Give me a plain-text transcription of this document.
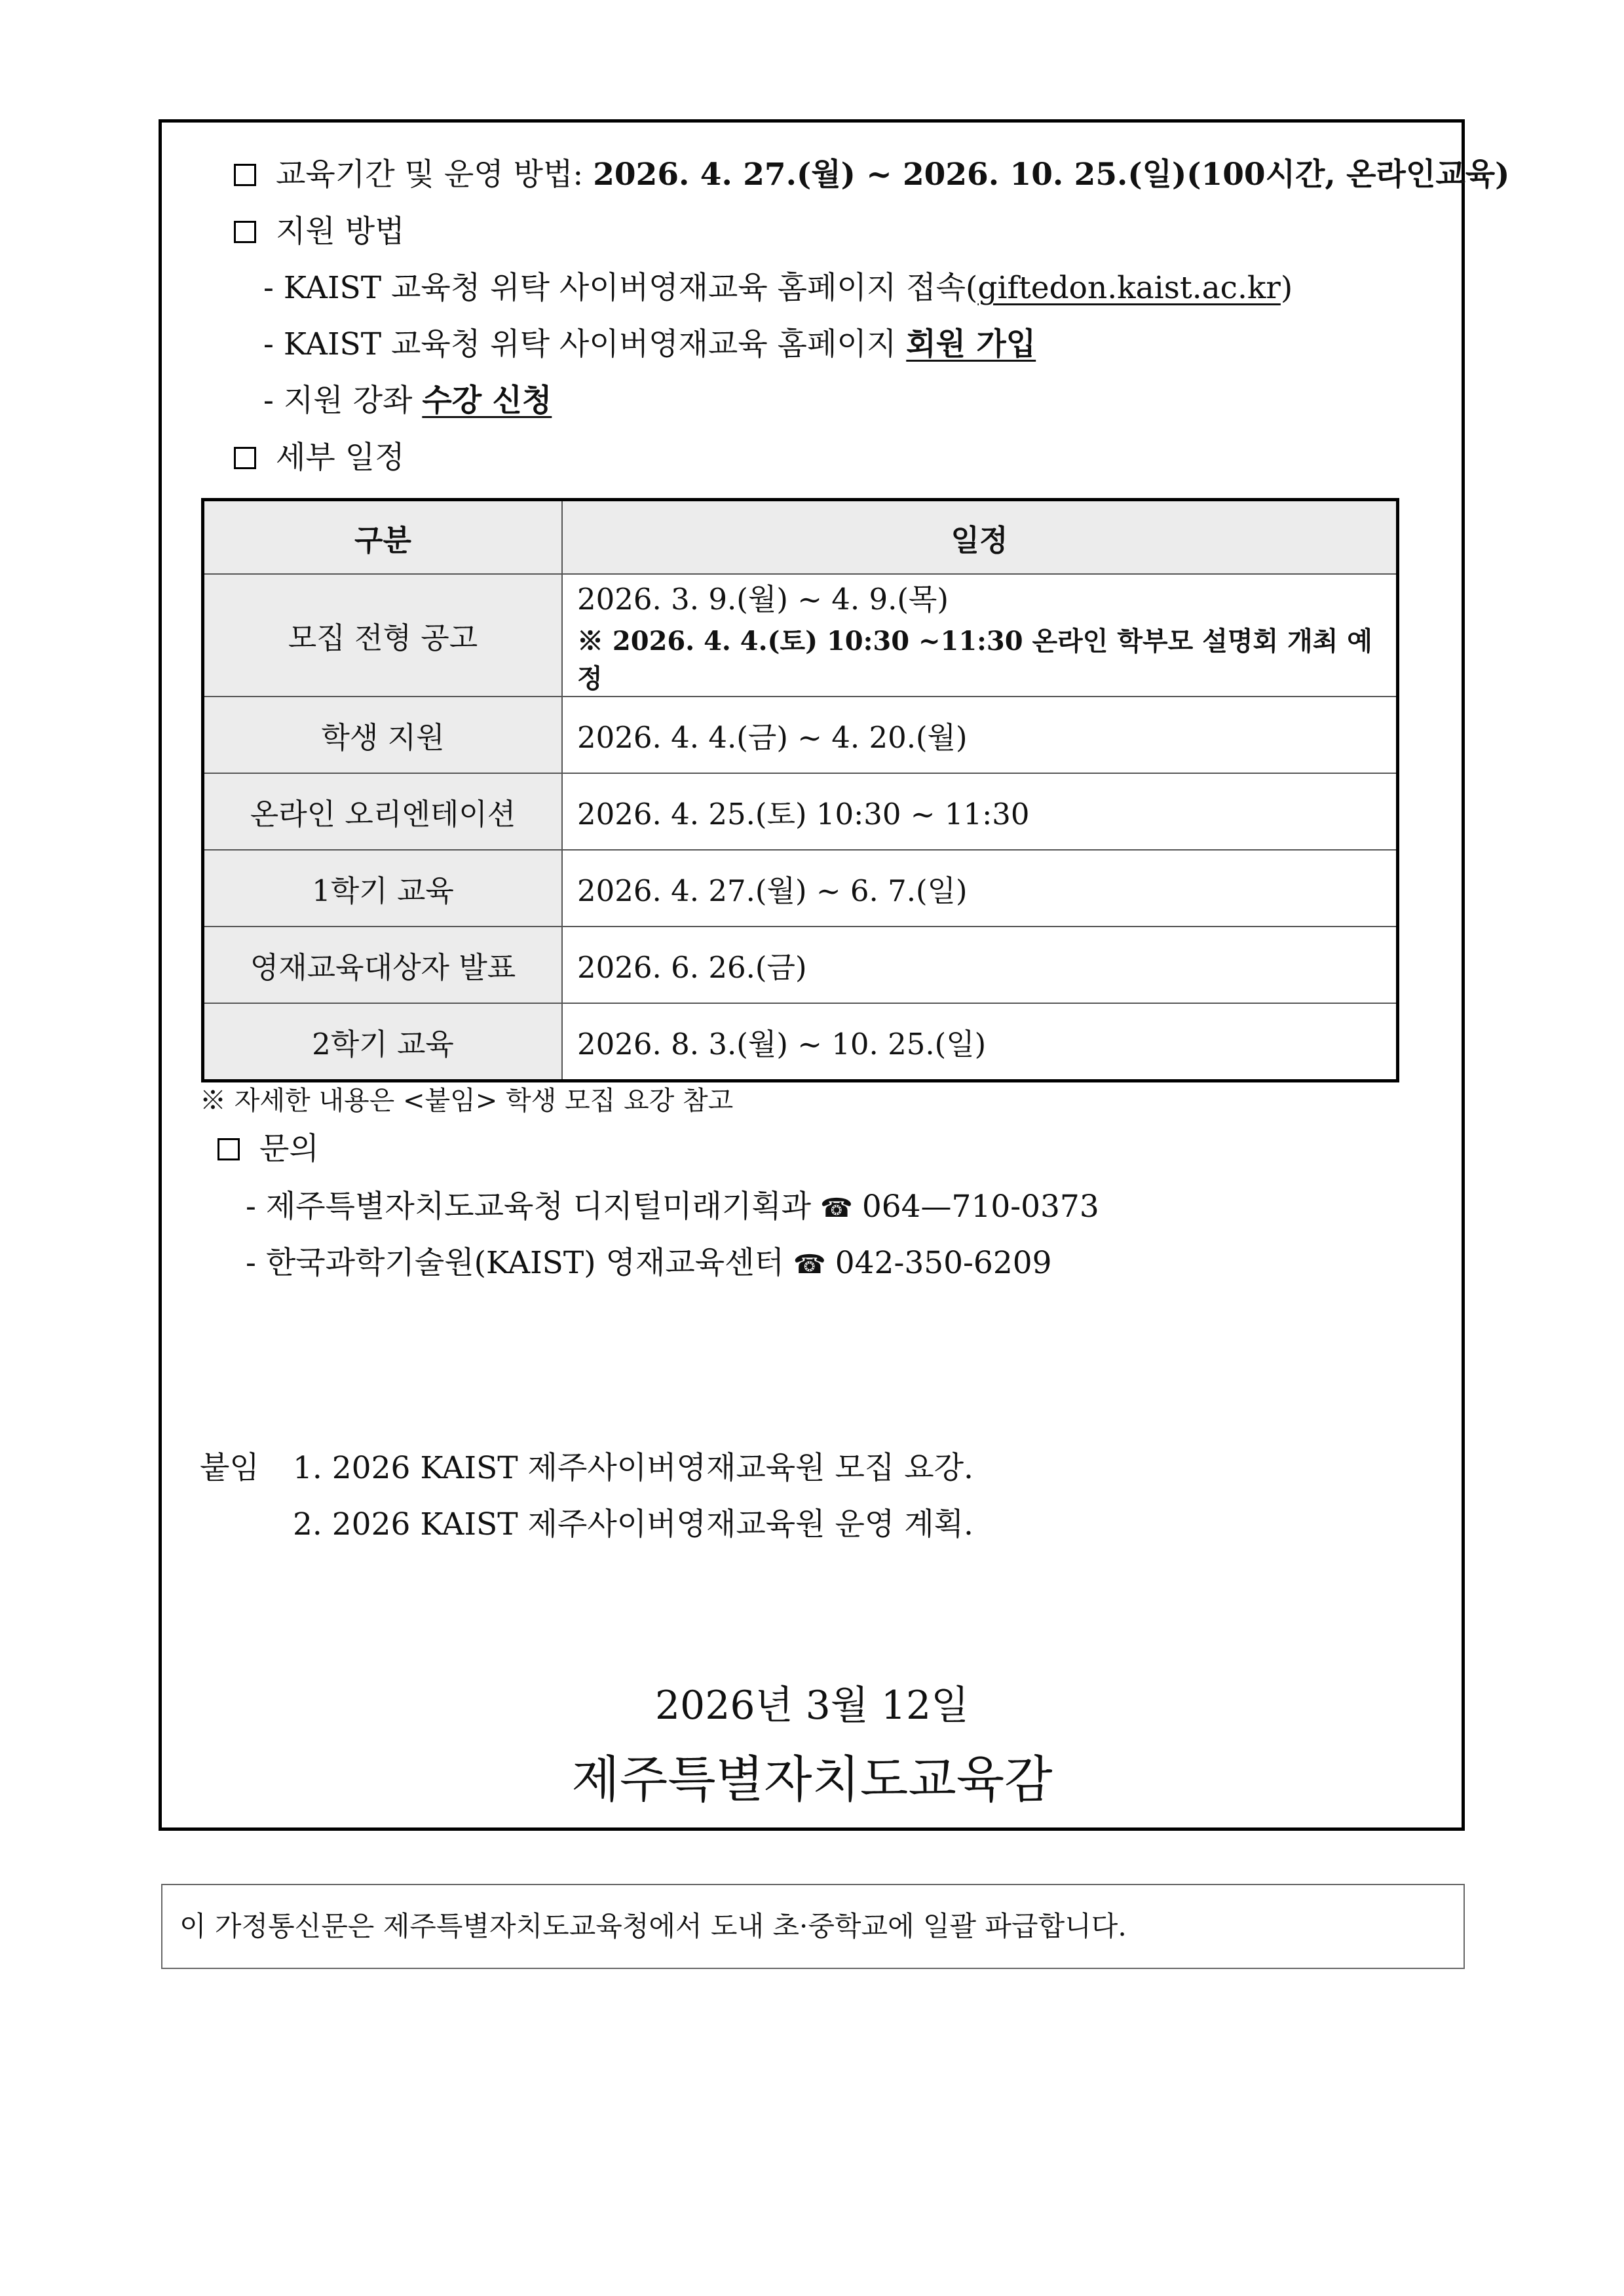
교육기간 및 운영 방법: 2026. 4. 27.(월) ~ 2026. 10. 25.(일)(100시간, 온라인교육)
지원 방법
- KAIST 교육청 위탁 사이버영재교육 홈페이지 접속(giftedon.kaist.ac.kr)
- KAIST 교육청 위탁 사이버영재교육 홈페이지 회원 가입
- 지원 강좌 수강 신청
세부 일정
구분	일정
모집 전형 공고	2026. 3. 9.(월) ~ 4. 9.(목)
※ 2026. 4. 4.(토) 10:30 ~11:30 온라인 학부모 설명회 개최 예정

학생 지원	2026. 4. 4.(금) ~ 4. 20.(월)
온라인 오리엔테이션	2026. 4. 25.(토) 10:30 ~ 11:30
1학기 교육	2026. 4. 27.(월) ~ 6. 7.(일)
영재교육대상자 발표	2026. 6. 26.(금)
2학기 교육	2026. 8. 3.(월) ~ 10. 25.(일)
※ 자세한 내용은 <붙임> 학생 모집 요강 참고
문의
- 제주특별자치도교육청 디지털미래기획과 ☎ 064—710-0373
- 한국과학기술원(KAIST) 영재교육센터 ☎ 042-350-6209
붙임 1. 2026 KAIST 제주사이버영재교육원 모집 요강.
2. 2026 KAIST 제주사이버영재교육원 운영 계획.
2026년 3월 12일
제주특별자치도교육감
이 가정통신문은 제주특별자치도교육청에서 도내 초·중학교에 일괄 파급합니다.
